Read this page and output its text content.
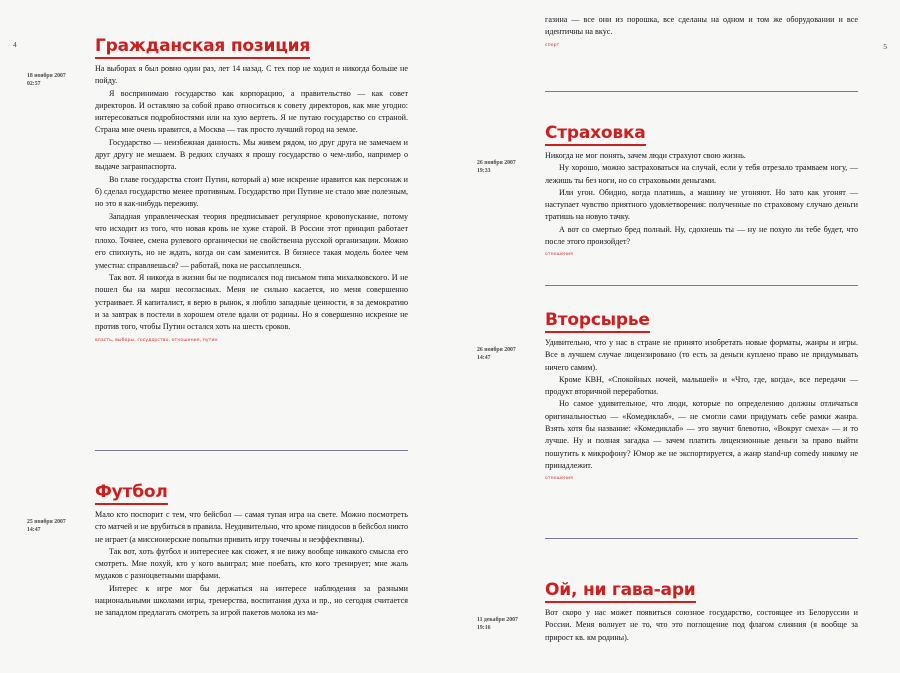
4	Гражданская позиция
18 ноября 2007
02:57

На выборах я был ровно один раз, лет 14 назад. С тех пор не ходил и никогда больше не пойду.

Я воспринимаю государство как корпорацию, а правительство — как совет директоров. И оставляю за собой право относиться к совету директоров, как мне угодно: интересоваться подробностями или на хую вертеть. Я не путаю государство со страной. Страна мне очень нравится, а Москва — так просто лучший город на земле.

Государство — неизбежная данность. Мы живем рядом, но друг друга не замечаем и друг другу не мешаем. В редких случаях я прошу государство о чем-либо, например о выдаче загранпаспорта.

Во главе государства стоит Путин, который а) мне искренне нравится как персонаж и б) сделал государство менее противным. Государство при Путине не стало мне полезным, но это я как-нибудь переживу.

Западная управленческая теория предписывает регулярное кровопускание, потому что исходит из того, что новая кровь не хуже старой. В России этот принцип работает плохо. Точнее, смена рулевого органически не свойственна русской организации. Можно его спихнуть, но не ждать, когда он сам заменится. В бизнесе такая модель более чем уместна: справляешься? — работай, пока не рассыплешься.

Так вот. Я никогда в жизни бы не подписался под письмом типа михалковского. И не пошел бы на марш несогласных. Меня не сильно касается, но меня совершенно устраивает. Я капиталист, я верю в рынок, я люблю западные ценности, я за демократию и за завтрак в постели в хорошем отеле вдали от родины. Но я совершенно искренне не против того, чтобы Путин остался хоть на шесть сроков.

власть, выборы, государство, отношения, путин
Футбол
25 ноября 2007
14:47

Мало кто поспорит с тем, что бейсбол — самая тупая игра на свете. Можно посмотреть сто матчей и не врубиться в правила. Неудивительно, что кроме пиндосов в бейсбол никто не играет (а миссионерские попытки привить игру точечны и неэффективны).

Так вот, хоть футбол и интереснее как сюжет, я не вижу вообще никакого смысла его смотреть. Мне похуй, кто у кого выиграл; мне поебать, кто кого тренирует; мне жаль мудаков с разноцветными шарфами.

Интерес к игре мог бы держаться на интересе наблюдения за разными национальными школами игры, тренерства, воспитания духа и пр., но сегодня считается не западлом предлагать смотреть за игрой пакетов молока из ма-

5

газина — все они из порошка, все сделаны на одном и том же оборудовании и все идентичны на вкус.

спорт
Страховка
26 ноября 2007
19:33

Никогда не мог понять, зачем люди страхуют свою жизнь.

Ну хорошо, можно застраховаться на случай, если у тебя отрезало трамваем ногу, — лежишь ты без ноги, но со страховыми деньгами.

Или угон. Обидно, когда платишь, а машину не угоняют. Но зато как угонят — наступает чувство приятного удовлетворения: полученные по страховому случаю деньги тратишь на новую тачку.

А вот со смертью бред полный. Ну, сдохнешь ты — ну не похую ли тебе будет, что после этого произойдет?

отношения
Вторсырье
26 ноября 2007
14:47

Удивительно, что у нас в стране не принято изобретать новые форматы, жанры и игры. Все в лучшем случае лицензировано (то есть за деньги куплено право не придумывать ничего самим).

Кроме КВН, «Спокойных ночей, малышей» и «Что, где, когда», все передачи — продукт вторичной переработки.

Но самое удивительное, что люди, которые по определению должны отличаться оригинальностью — «Комедиклаб», — не смогли сами придумать себе рамки жанра. Взять хотя бы название: «Комедиклаб» — это звучит блевотно, «Вокруг смеха» — и то лучше. Ну и полная загадка — зачем платить лицензионные деньги за право выйти пошутить к микрофону? Юмор же не экспортируется, а жанр stand-up comedy никому не принадлежит.

отношения
Ой, ни гава-ари
11 декабря 2007
19:16

Вот скоро у нас может появиться союзное государство, состоящее из Белоруссии и России. Меня волнует не то, что это поглощение под флагом слияния (я вообще за прирост кв. км родины).
